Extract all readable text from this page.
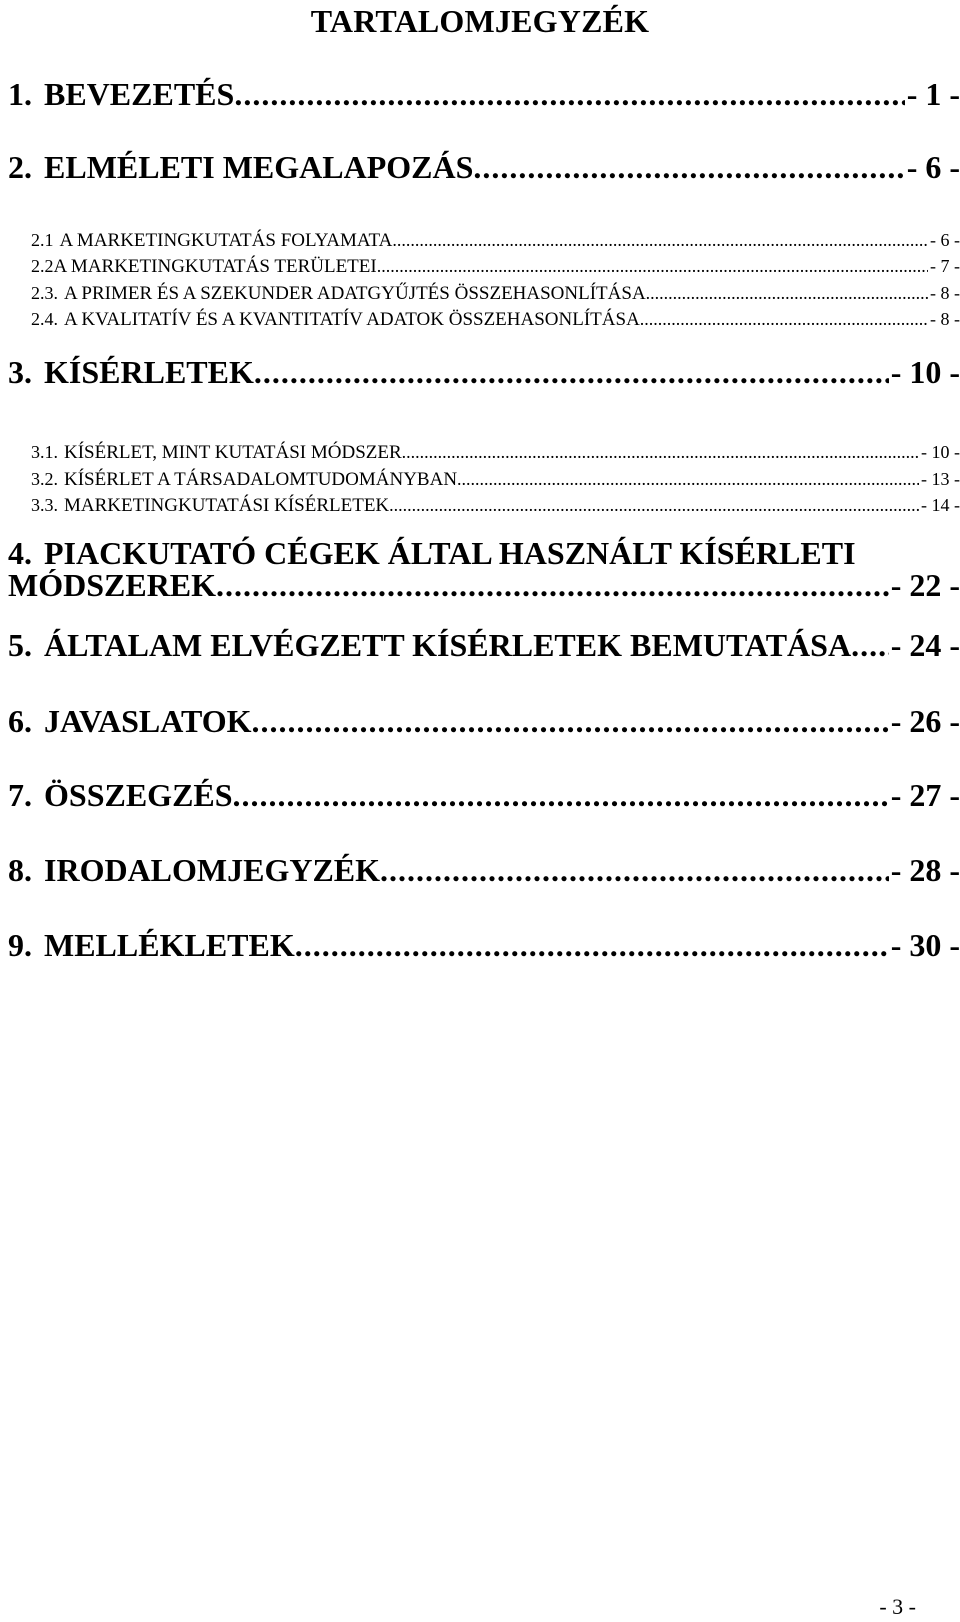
TARTALOMJEGYZÉK
1. BEVEZETÉS .....	- 1 -
2. ELMÉLETI MEGALAPOZÁS .....	- 6 -
2.1 A MARKETINGKUTATÁS FOLYAMATA .....	- 6 -
2.2 A MARKETINGKUTATÁS TERÜLETEI .....	- 7 -
2.3. A PRIMER ÉS A SZEKUNDER ADATGYŰJTÉS ÖSSZEHASONLÍTÁSA .....	- 8 -
2.4. A KVALITATÍV ÉS A KVANTITATÍV ADATOK ÖSSZEHASONLÍTÁSA .....	- 8 -
3. KÍSÉRLETEK .....	- 10 -
3.1. KÍSÉRLET, MINT KUTATÁSI MÓDSZER .....	- 10 -
3.2. KÍSÉRLET A TÁRSADALOMTUDOMÁNYBAN .....	- 13 -
3.3. MARKETINGKUTATÁSI KÍSÉRLETEK .....	- 14 -
4. PIACKUTATÓ CÉGEK ÁLTAL HASZNÁLT KÍSÉRLETI
MÓDSZEREK .....	- 22 -
5. ÁLTALAM ELVÉGZETT KÍSÉRLETEK BEMUTATÁSA ..... - 24 -
6. JAVASLATOK .....	- 26 -
7. ÖSSZEGZÉS .....	- 27 -
8. IRODALOMJEGYZÉK .....	- 28 -
9. MELLÉKLETEK .....	- 30 -
- 3 -
